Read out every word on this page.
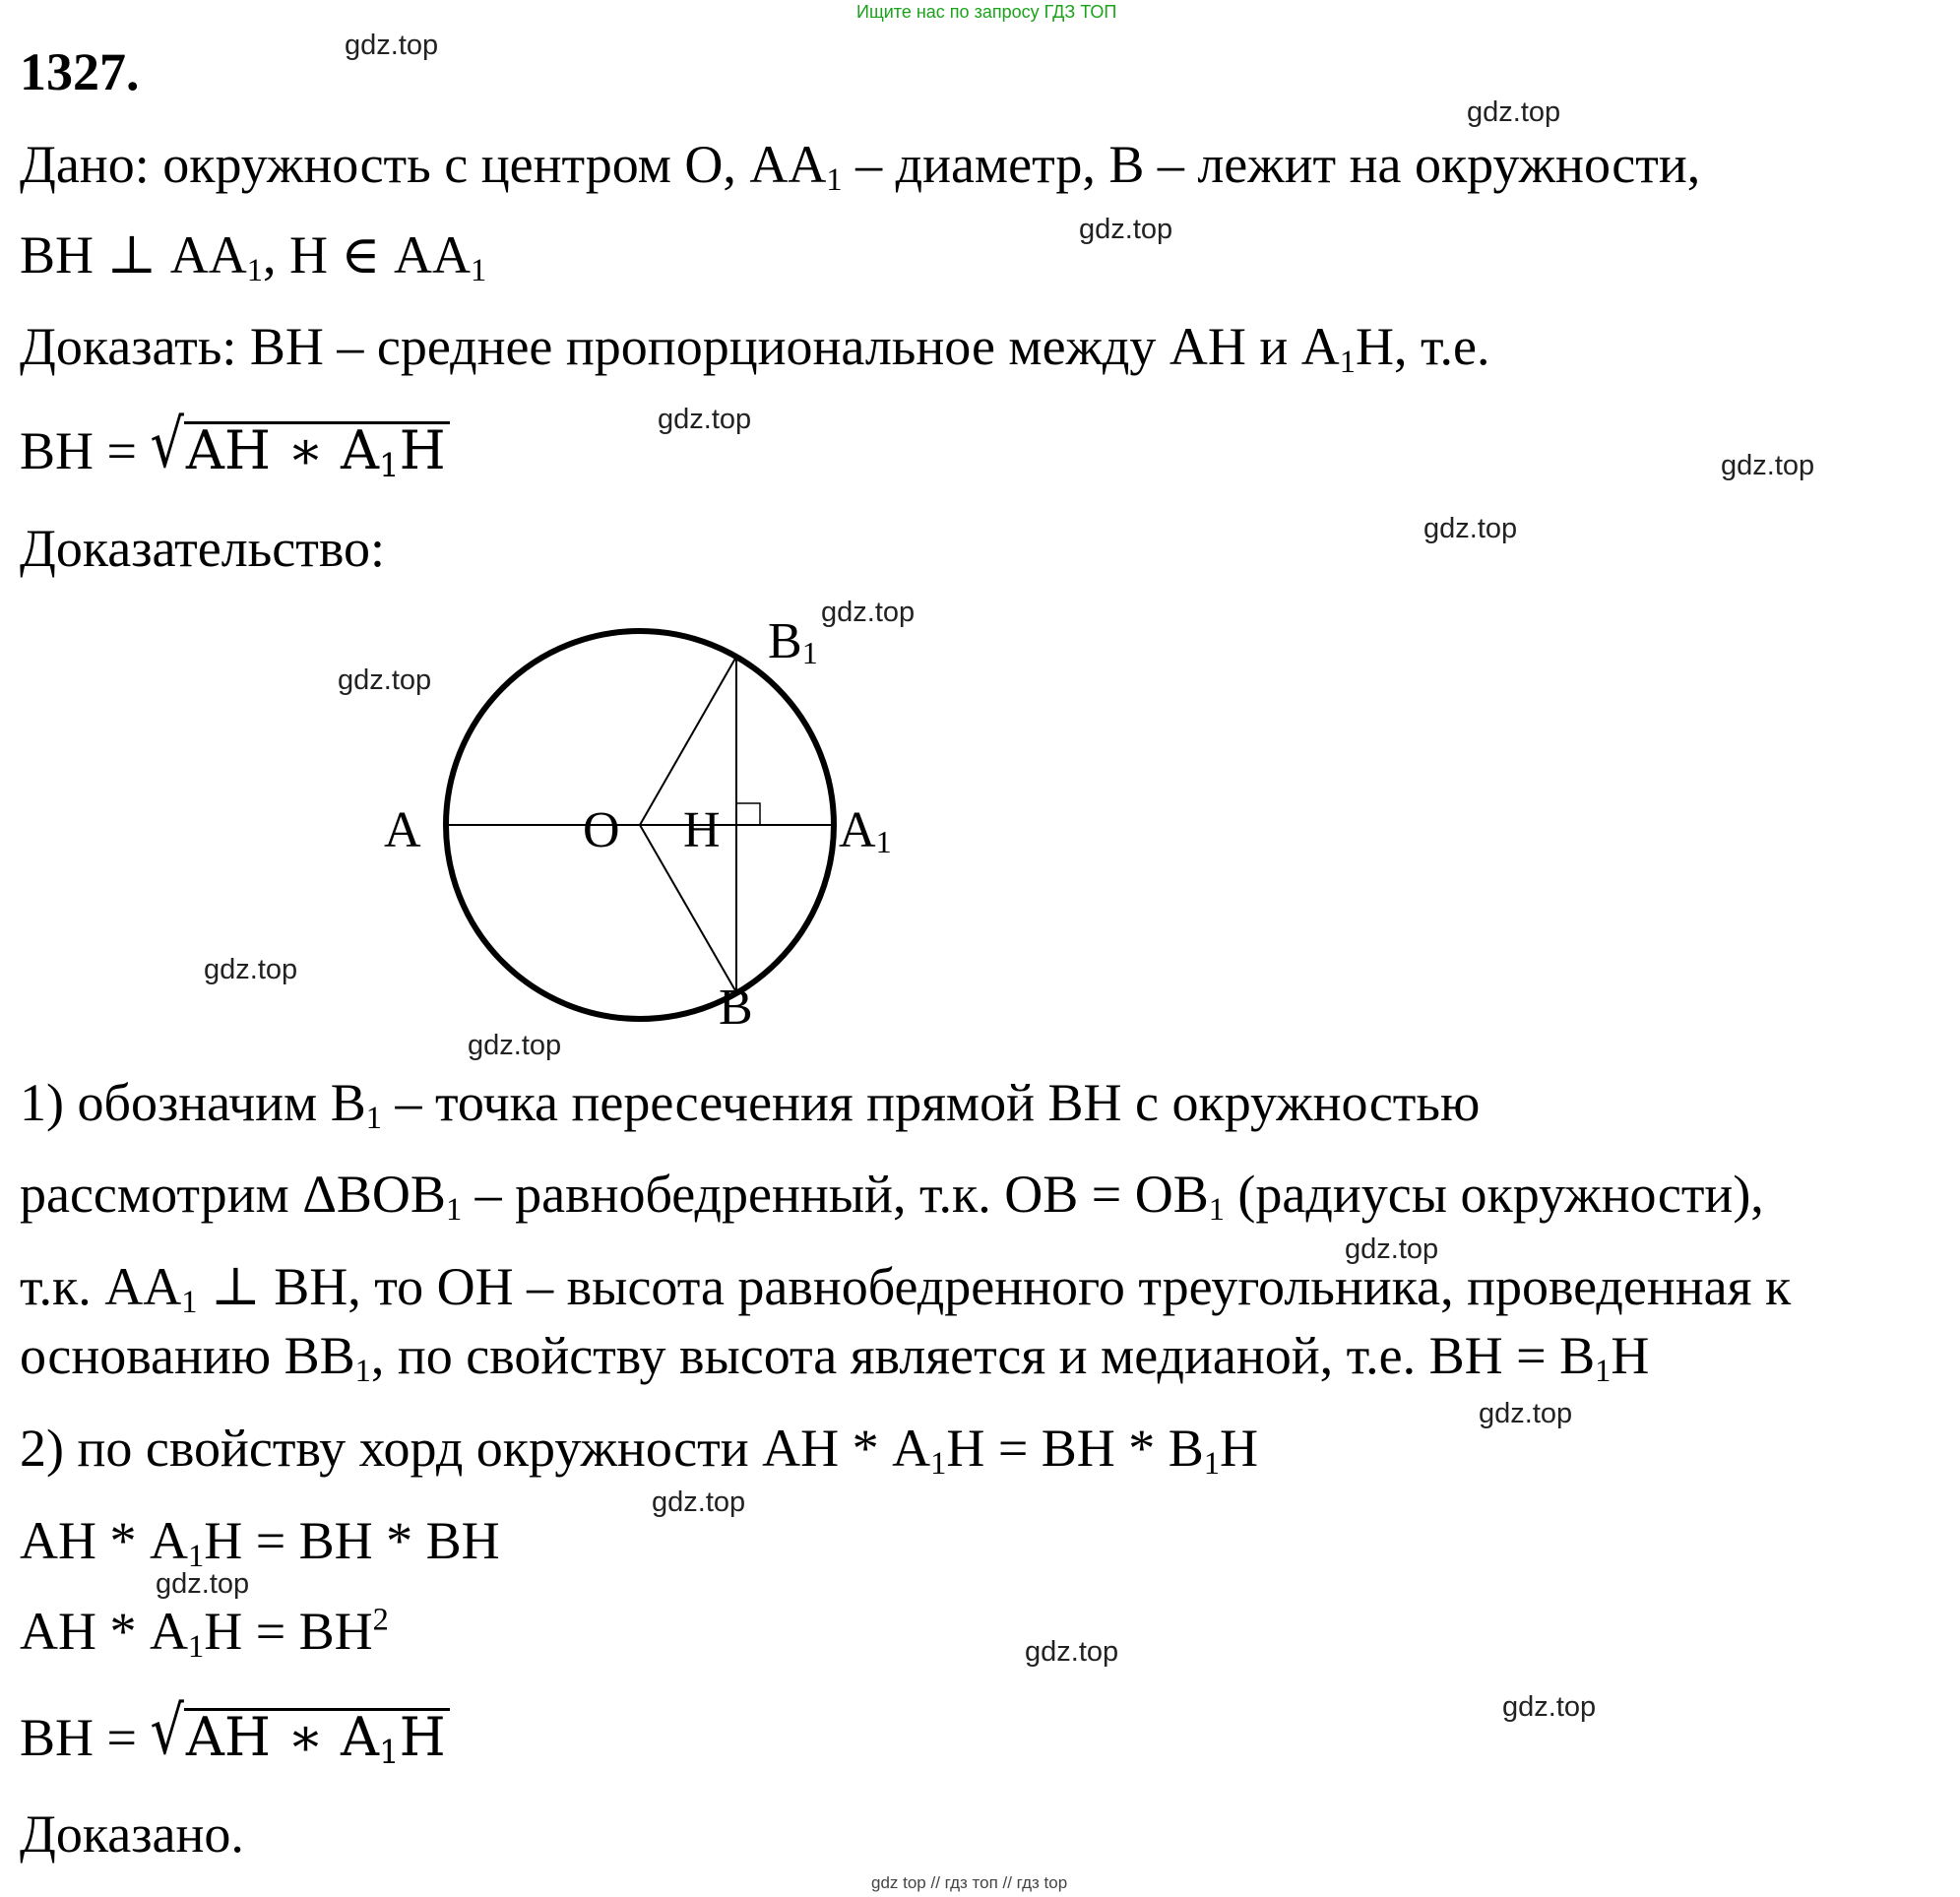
Ищите нас по запросу ГДЗ ТОП
gdz top // гдз топ // гдз top
gdz.top
gdz.top
gdz.top
gdz.top
gdz.top
gdz.top
gdz.top
gdz.top
gdz.top
gdz.top
gdz.top
gdz.top
gdz.top
gdz.top
gdz.top
gdz.top
1327.
Дано: окружность с центром О, $АА_1$ – диаметр, В – лежит на окружности,
ВН ⊥ $АА_1$, Н ∈ $АА_1$
Доказать: ВН – среднее пропорциональное между АН и $А_1Н$, т.е.
BH = √AH ∗ $A_1H$
Доказательство:
A	O H A1
B
B1
1) обозначим $В_1$ – точка пересечения прямой ВН с окружностью
рассмотрим $\Delta ВОВ_1$ – равнобедренный, т.к. ОВ = $ОВ_1$ (радиусы окружности),
т.к. $АА_1$ ⊥ ВН, то ОН – высота равнобедренного треугольника, проведенная к
основанию $ВВ_1$, по свойству высота является и медианой, т.е. ВН = $В_1Н$
2) по свойству хорд окружности АН * $А_1Н$ = ВН * $В_1Н$
АН * $А_1Н$ = ВН * ВН
АН * $А_1Н = ВН^2$
BH = √AH ∗ $A_1H$
Доказано.
